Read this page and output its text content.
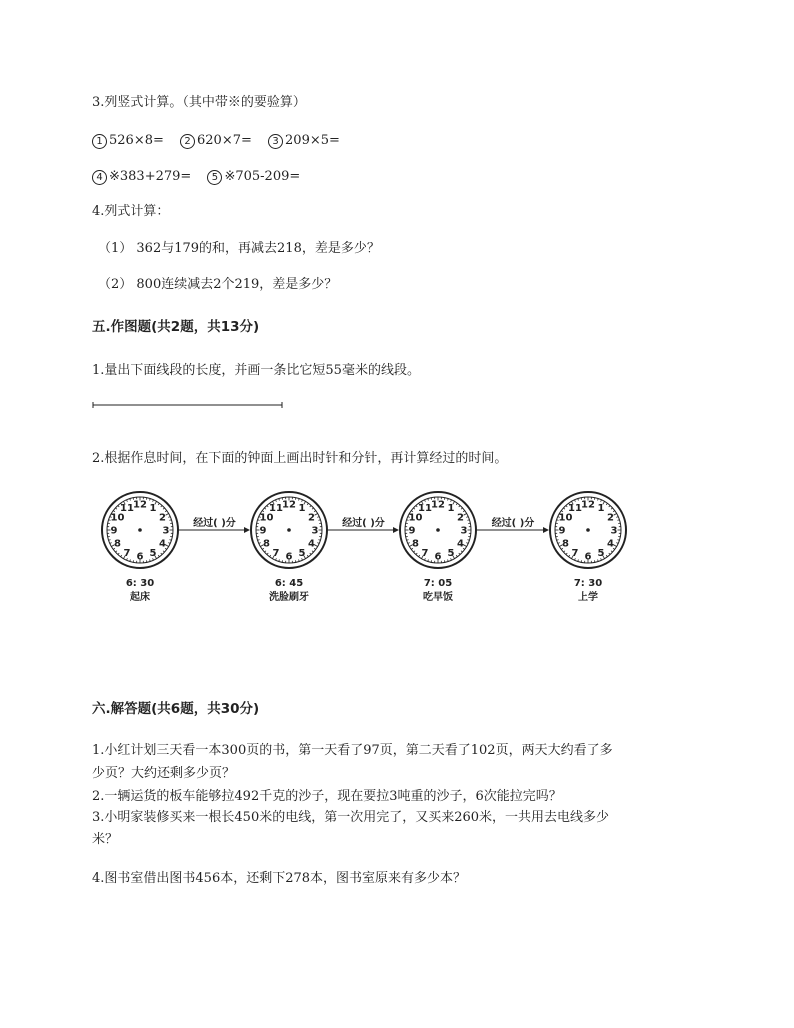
3.列竖式计算。（其中带※的要验算）
1 526×8= 2 620×7= 3 209×5=
4 ※383+279= 5 ※705-209=
4.列式计算：
（1） 362与179的和，再减去218，差是多少？
（2） 800连续减去2个219，差是多少？
五.作图题(共2题，共13分)
1.量出下面线段的长度，并画一条比它短55毫米的线段。
2.根据作息时间，在下面的钟面上画出时针和分针，再计算经过的时间。
12 1
2
3
4
5
6
7
8
9
10
11
6: 30
起床
经过( )分
12 1
2
3
4
5
6
7
8
9
10
11
6: 45
洗脸刷牙
经过( )分
12 1
2
3
4
5
6
7
8
9
10
11
7: 05
吃早饭
经过( )分
12 1
2
3
4
5
6
7
8
9
10
11
7: 30
上学
六.解答题(共6题，共30分)
1.小红计划三天看一本300页的书，第一天看了97页，第二天看了102页，两天大约看了多
少页？大约还剩多少页？
2.一辆运货的板车能够拉492千克的沙子，现在要拉3吨重的沙子，6次能拉完吗？
3.小明家装修买来一根长450米的电线，第一次用完了，又买来260米，一共用去电线多少
米？
4.图书室借出图书456本，还剩下278本，图书室原来有多少本？
